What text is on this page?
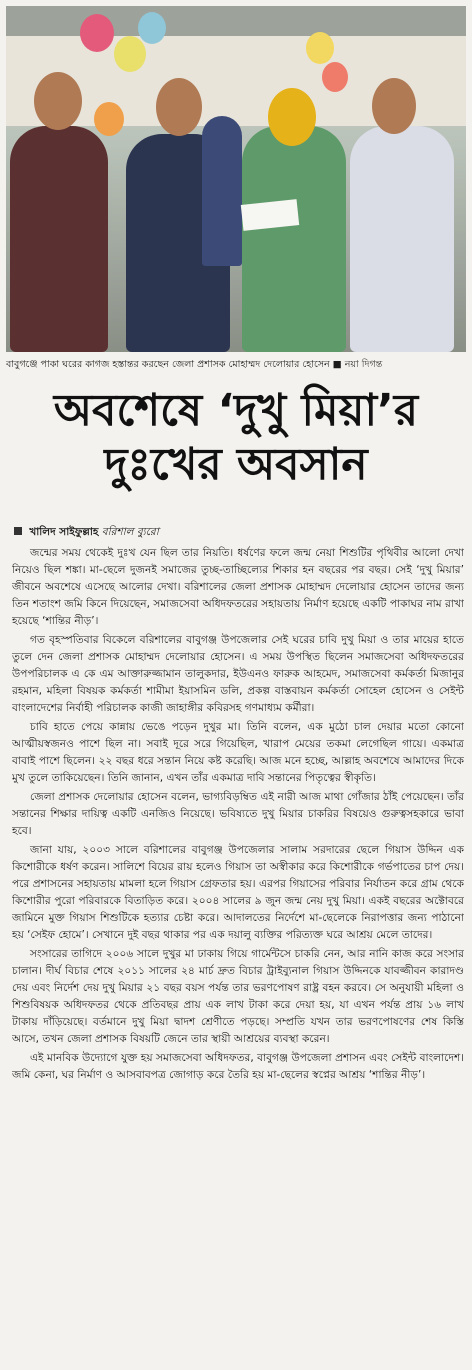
বাবুগঞ্জে পাকা ঘরের কাগজ হস্তান্তর করছেন জেলা প্রশাসক মোহাম্মদ দেলোয়ার হোসেন ■ নয়া দিগন্ত
অবশেষে ‘দুখু মিয়া’র
দুঃখের অবসান
খালিদ সাইফুল্লাহ বরিশাল ব্যুরো

জন্মের সময় থেকেই দুঃখ যেন ছিল তার নিয়তি। ধর্ষণের ফলে জন্ম নেয়া শিশুটির পৃথিবীর আলো দেখা নিয়েও ছিল শঙ্কা। মা-ছেলে দুজনই সমাজের তুচ্ছ-তাচ্ছিল্যের শিকার হন বছরের পর বছর। সেই ‘দুখু মিয়ার’ জীবনে অবশেষে এসেছে আলোর দেখা। বরিশালের জেলা প্রশাসক মোহাম্মদ দেলোয়ার হোসেন তাদের জন্য তিন শতাংশ জমি কিনে দিয়েছেন, সমাজসেবা অধিদফতরের সহায়তায় নির্মাণ হয়েছে একটি পাকাঘর নাম রাখা হয়েছে ‘শান্তির নীড়’।

গত বৃহস্পতিবার বিকেলে বরিশালের বাবুগঞ্জ উপজেলার সেই ঘরের চাবি দুখু মিয়া ও তার মায়ের হাতে তুলে দেন জেলা প্রশাসক মোহাম্মদ দেলোয়ার হোসেন। এ সময় উপস্থিত ছিলেন সমাজসেবা অধিদফতরের উপপরিচালক এ কে এম আক্তারুজ্জামান তালুকদার, ইউএনও ফারুক আহমেদ, সমাজসেবা কর্মকর্তা মিজানুর রহমান, মহিলা বিষয়ক কর্মকর্তা শামীমা ইয়াসমিন ডলি, প্রকল্প বাস্তবায়ন কর্মকর্তা সোহেল হোসেন ও সেইন্ট বাংলাদেশের নির্বাহী পরিচালক কাজী জাহাঙ্গীর কবিরসহ গণমাধ্যম কর্মীরা।

চাবি হাতে পেয়ে কান্নায় ভেঙে পড়েন দুখুর মা। তিনি বলেন, এক মুঠো চাল দেয়ার মতো কোনো আত্মীয়স্বজনও পাশে ছিল না। সবাই দূরে সরে গিয়েছিল, খারাপ মেয়ের তকমা লেগেছিল গায়ে। একমাত্র বাবাই পাশে ছিলেন। ২২ বছর ধরে সন্তান নিয়ে কষ্ট করেছি। আজ মনে হচ্ছে, আল্লাহ অবশেষে আমাদের দিকে মুখ তুলে তাকিয়েছেন। তিনি জানান, এখন তাঁর একমাত্র দাবি সন্তানের পিতৃত্বের স্বীকৃতি।

জেলা প্রশাসক দেলোয়ার হোসেন বলেন, ভাগ্যবিড়ম্বিত এই নারী আজ মাথা গোঁজার ঠাঁই পেয়েছেন। তাঁর সন্তানের শিক্ষার দায়িত্ব একটি এনজিও নিয়েছে। ভবিষ্যতে দুখু মিয়ার চাকরির বিষয়েও গুরুত্বসহকারে ভাবা হবে।

জানা যায়, ২০০৩ সালে বরিশালের বাবুগঞ্জ উপজেলার সালাম সরদারের ছেলে গিয়াস উদ্দিন এক কিশোরীকে ধর্ষণ করেন। সালিশে বিয়ের রায় হলেও গিয়াস তা অস্বীকার করে কিশোরীকে গর্ভপাতের চাপ দেয়। পরে প্রশাসনের সহায়তায় মামলা হলে গিয়াস গ্রেফতার হয়। এরপর গিয়াসের পরিবার নির্যাতন করে গ্রাম থেকে কিশোরীর পুরো পরিবারকে বিতাড়িত করে। ২০০৪ সালের ৯ জুন জন্ম নেয় দুখু মিয়া। একই বছরের অক্টোবরে জামিনে মুক্ত গিয়াস শিশুটিকে হত্যার চেষ্টা করে। আদালতের নির্দেশে মা-ছেলেকে নিরাপত্তার জন্য পাঠানো হয় ‘সেইফ হোমে’। সেখানে দুই বছর থাকার পর এক দয়ালু ব্যক্তির পরিত্যক্ত ঘরে আশ্রয় মেলে তাদের।

সংসারের তাগিদে ২০০৬ সালে দুখুর মা ঢাকায় গিয়ে গার্মেন্টসে চাকরি নেন, আর নানি কাজ করে সংসার চালান। দীর্ঘ বিচার শেষে ২০১১ সালের ২৪ মার্চ দ্রুত বিচার ট্রাইব্যুনাল গিয়াস উদ্দিনকে যাবজ্জীবন কারাদণ্ড দেয় এবং নির্দেশ দেয় দুখু মিয়ার ২১ বছর বয়স পর্যন্ত তার ভরণপোষণ রাষ্ট্র বহন করবে। সে অনুযায়ী মহিলা ও শিশুবিষয়ক অধিদফতর থেকে প্রতিবছর প্রায় এক লাখ টাকা করে দেয়া হয়, যা এখন পর্যন্ত প্রায় ১৬ লাখ টাকায় দাঁড়িয়েছে। বর্তমানে দুখু মিয়া দ্বাদশ শ্রেণীতে পড়ছে। সম্প্রতি যখন তার ভরণপোষণের শেষ কিস্তি আসে, তখন জেলা প্রশাসক বিষয়টি জেনে তার স্থায়ী আশ্রয়ের ব্যবস্থা করেন।

এই মানবিক উদ্যোগে যুক্ত হয় সমাজসেবা অধিদফতর, বাবুগঞ্জ উপজেলা প্রশাসন এবং সেইন্ট বাংলাদেশ। জমি কেনা, ঘর নির্মাণ ও আসবাবপত্র জোগাড় করে তৈরি হয় মা-ছেলের স্বপ্নের আশ্রয় ‘শান্তির নীড়’।
